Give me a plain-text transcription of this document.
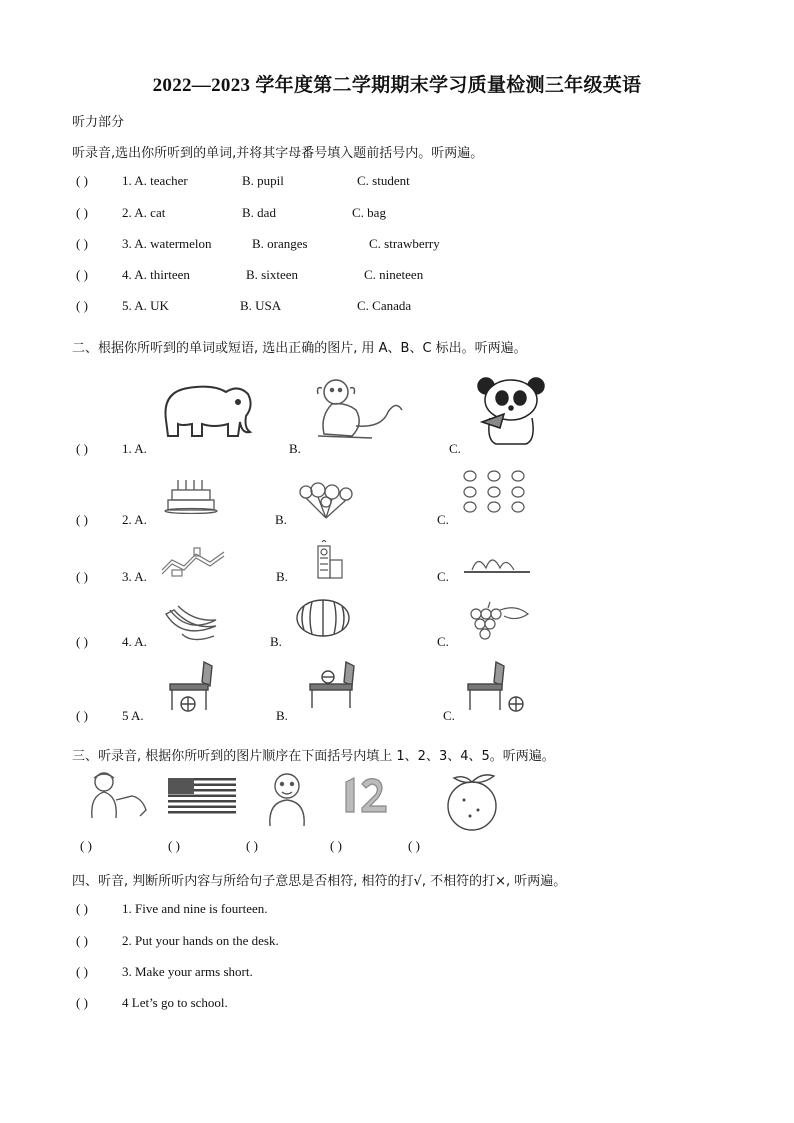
2022—2023 学年度第二学期期末学习质量检测三年级英语
听力部分
听录音,选出你所听到的单词,并将其字母番号填入题前括号内。听两遍。
( )	1. A. teacher	B. pupil	C. student
( )	2. A. cat	B. dad	C. bag
( )	3. A. watermelon	B. oranges	C. strawberry
( )	4. A. thirteen	B. sixteen	C. nineteen
( )	5. A. UK	B. USA	C. Canada
二、根据你所听到的单词或短语, 选出正确的图片, 用 A、B、C 标出。听两遍。
( )	1. A.	B.	C.
( )	2. A.	B.	C.
( )	3. A.	B.	C.
( )	4. A.	B.	C.
( )	5 A.	B.	C.
三、听录音, 根据你所听到的图片顺序在下面括号内填上 1、2、3、4、5。听两遍。
( )	( )	( )	( )	( )
四、听音, 判断所听内容与所给句子意思是否相符, 相符的打√, 不相符的打×, 听两遍。
( )	1. Five and nine is fourteen.
( )	2. Put your hands on the desk.
( )	3. Make your arms short.
( )	4 Let’s go to school.
